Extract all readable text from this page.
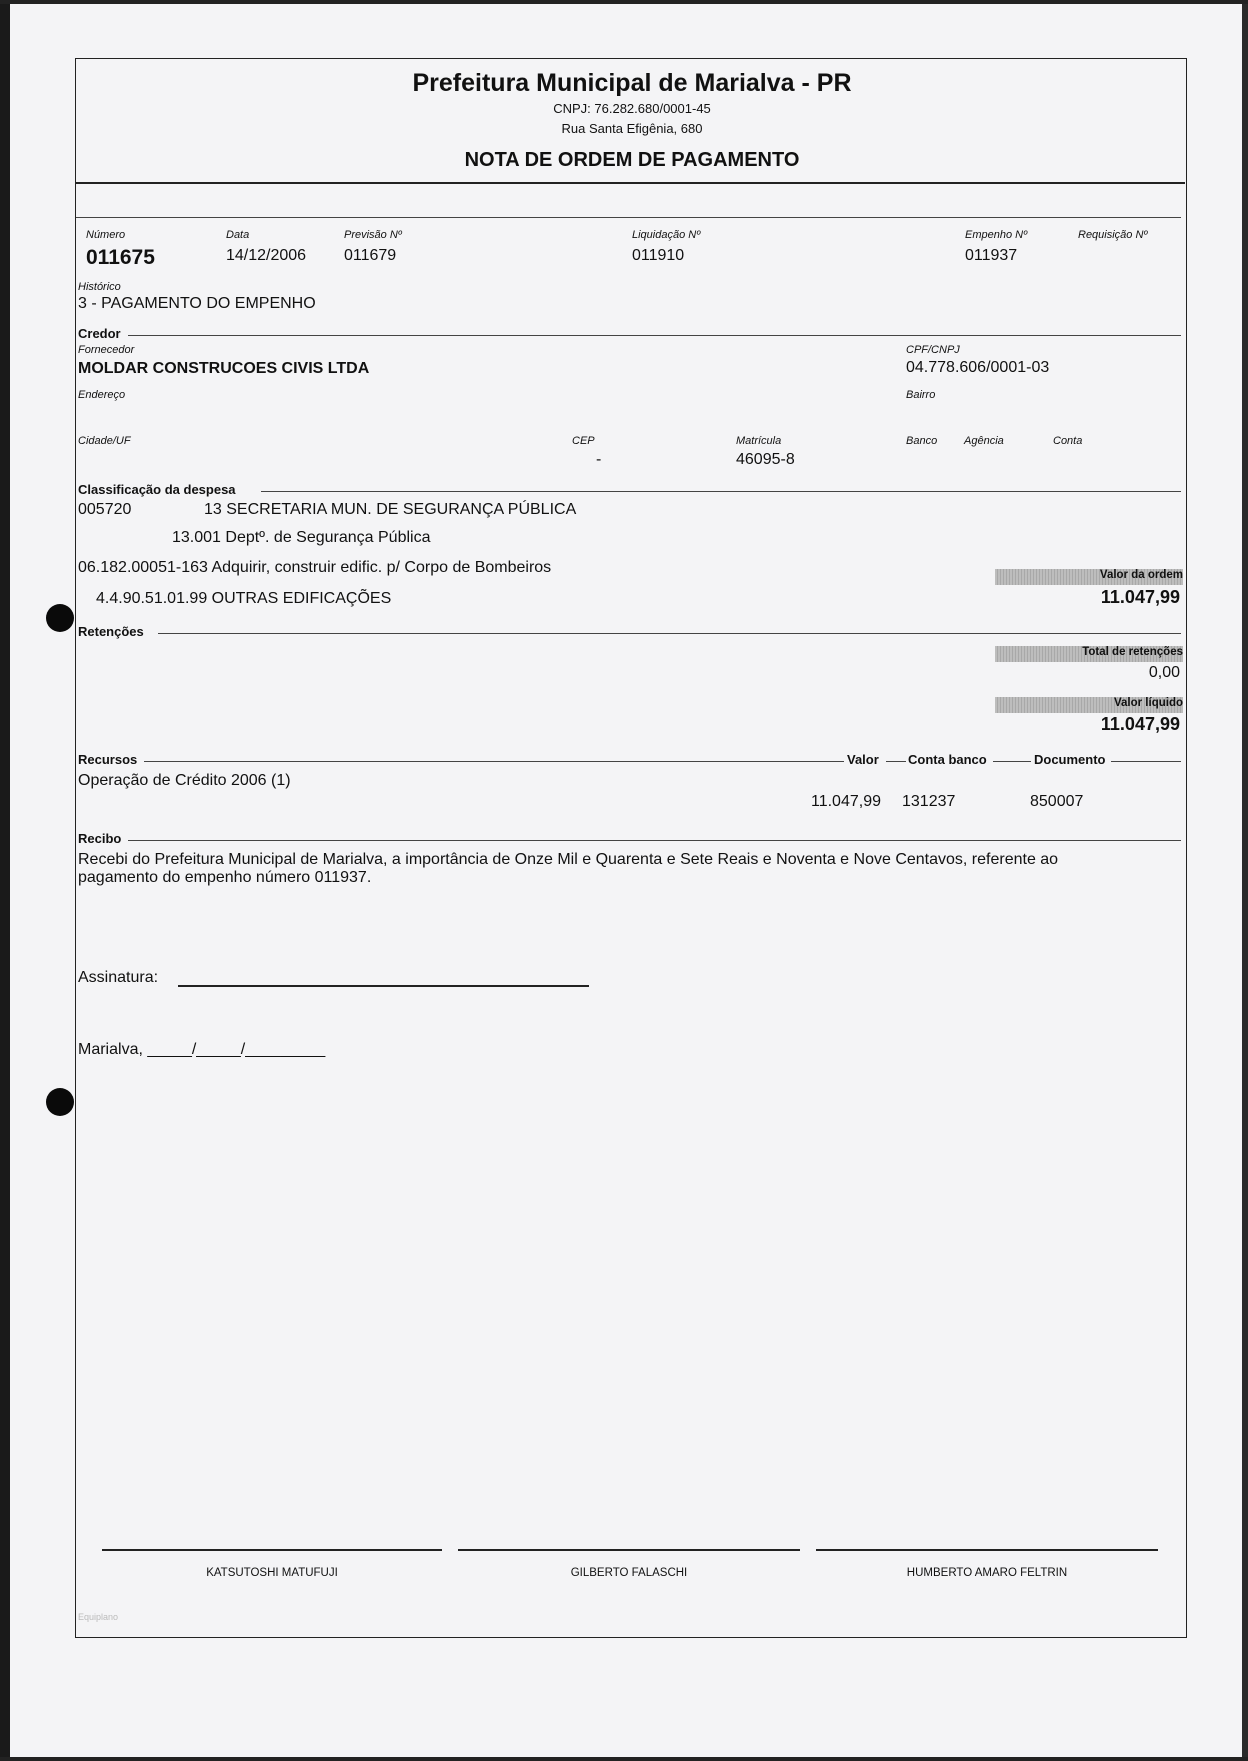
Prefeitura Municipal de Marialva - PR
CNPJ: 76.282.680/0001-45
Rua Santa Efigênia, 680
NOTA DE ORDEM DE PAGAMENTO
Número
011675
Data
14/12/2006
Previsão Nº
011679
Liquidação Nº
011910
Empenho Nº
011937
Requisição Nº
Histórico
3 - PAGAMENTO DO EMPENHO
Credor
Fornecedor
MOLDAR CONSTRUCOES CIVIS LTDA
CPF/CNPJ
04.778.606/0001-03
Endereço	Bairro
Cidade/UF	CEP
-
Matrícula
46095-8
Banco Agência	Conta
Classificação da despesa
005720	13 SECRETARIA MUN. DE SEGURANÇA PÚBLICA
13.001 Deptº. de Segurança Pública
06.182.00051-163 Adquirir, construir edific. p/ Corpo de Bombeiros
4.4.90.51.01.99 OUTRAS EDIFICAÇÕES
Valor da ordem
11.047,99
Retenções
Total de retenções
0,00
Valor líquido
11.047,99
Recursos	Valor Conta banco	Documento
Operação de Crédito 2006 (1)
11.047,99 131237	850007
Recibo
Recebi do Prefeitura Municipal de Marialva, a importância de Onze Mil e Quarenta e Sete Reais e Noventa e Nove Centavos, referente ao
pagamento do empenho número 011937.
Assinatura:
Marialva, _____/_____/_________
KATSUTOSHI MATUFUJI	GILBERTO FALASCHI	HUMBERTO AMARO FELTRIN
Equiplano
